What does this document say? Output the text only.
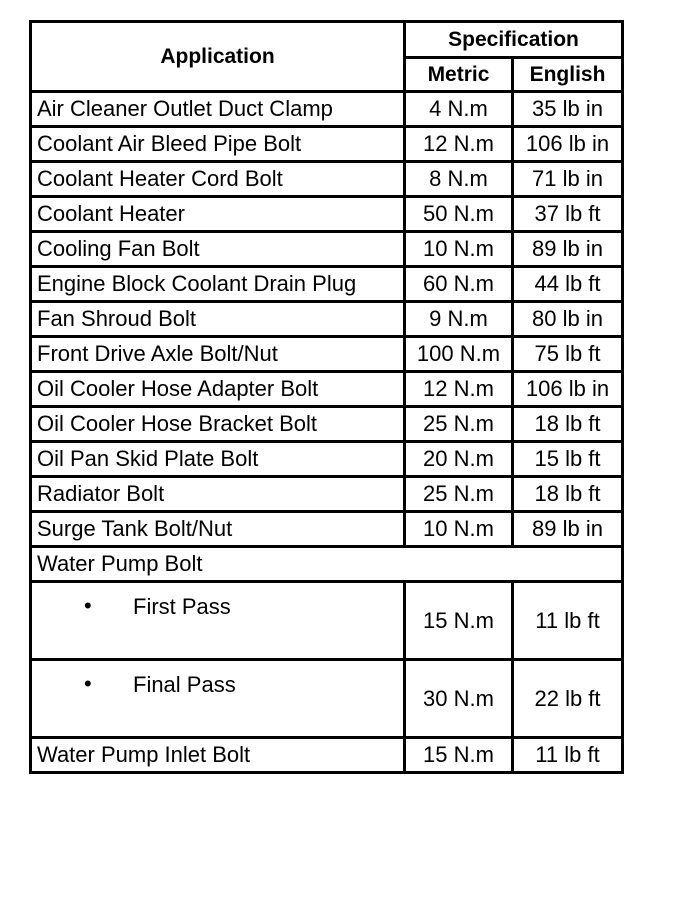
Application	Specification	
	Metric	English
Air Cleaner Outlet Duct Clamp	4 N.m	35 lb in
Coolant Air Bleed Pipe Bolt	12 N.m	106 lb in
Coolant Heater Cord Bolt	8 N.m	71 lb in
Coolant Heater	50 N.m	37 lb ft
Cooling Fan Bolt	10 N.m	89 lb in
Engine Block Coolant Drain Plug	60 N.m	44 lb ft
Fan Shroud Bolt	9 N.m	80 lb in
Front Drive Axle Bolt/Nut	100 N.m	75 lb ft
Oil Cooler Hose Adapter Bolt	12 N.m	106 lb in
Oil Cooler Hose Bracket Bolt	25 N.m	18 lb ft
Oil Pan Skid Plate Bolt	20 N.m	15 lb ft
Radiator Bolt	25 N.m	18 lb ft
Surge Tank Bolt/Nut	10 N.m	89 lb in
Water Pump Bolt		

• First Pass	15 N.m	11 lb ft

• Final Pass	30 N.m	22 lb ft
Water Pump Inlet Bolt	15 N.m	11 lb ft
